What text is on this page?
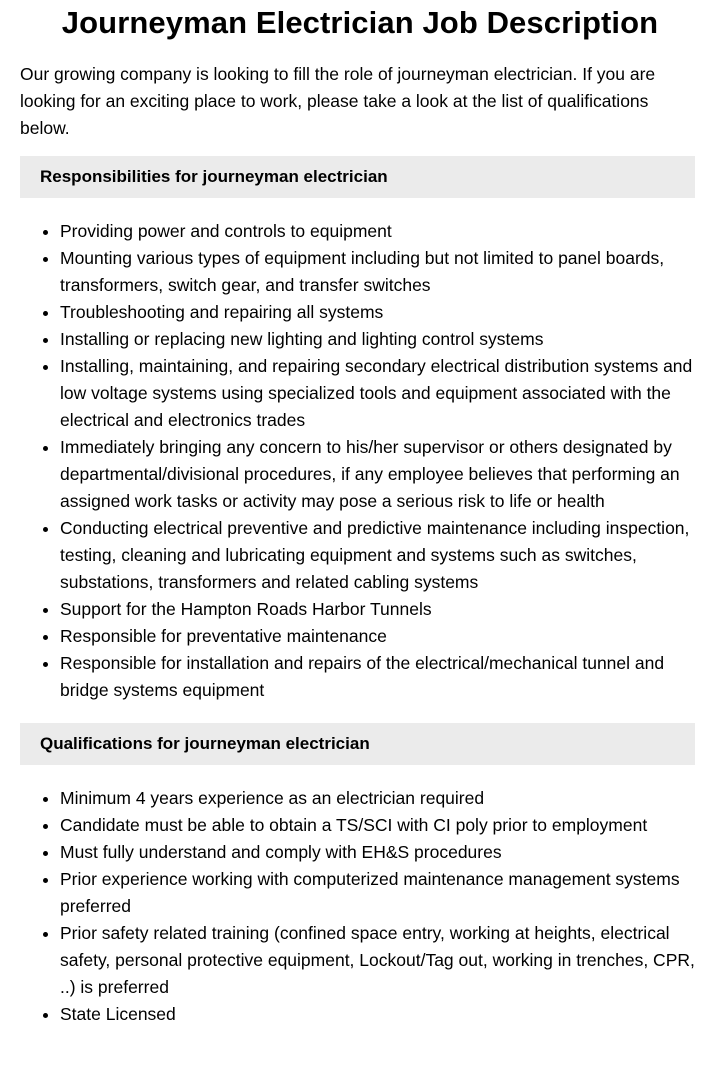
Journeyman Electrician Job Description

Our growing company is looking to fill the role of journeyman electrician. If you are looking for an exciting place to work, please take a look at the list of qualifications below.

Responsibilities for journeyman electrician
• Providing power and controls to equipment
• Mounting various types of equipment including but not limited to panel boards, transformers, switch gear, and transfer switches
• Troubleshooting and repairing all systems
• Installing or replacing new lighting and lighting control systems
• Installing, maintaining, and repairing secondary electrical distribution systems and low voltage systems using specialized tools and equipment associated with the electrical and electronics trades
• Immediately bringing any concern to his/her supervisor or others designated by departmental/divisional procedures, if any employee believes that performing an assigned work tasks or activity may pose a serious risk to life or health
• Conducting electrical preventive and predictive maintenance including inspection, testing, cleaning and lubricating equipment and systems such as switches, substations, transformers and related cabling systems
• Support for the Hampton Roads Harbor Tunnels
• Responsible for preventative maintenance
• Responsible for installation and repairs of the electrical/mechanical tunnel and bridge systems equipment
Qualifications for journeyman electrician
• Minimum 4 years experience as an electrician required
• Candidate must be able to obtain a TS/SCI with CI poly prior to employment
• Must fully understand and comply with EH&S procedures
• Prior experience working with computerized maintenance management systems preferred
• Prior safety related training (confined space entry, working at heights, electrical safety, personal protective equipment, Lockout/Tag out, working in trenches, CPR, ..) is preferred
• State Licensed
